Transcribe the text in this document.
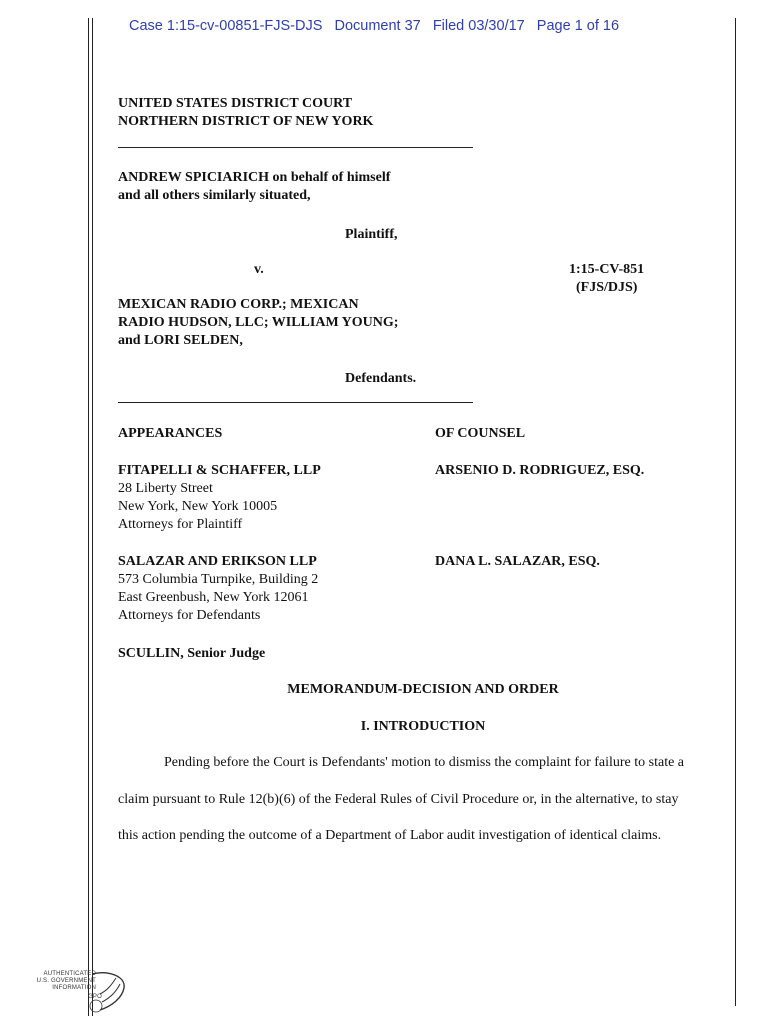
Case 1:15-cv-00851-FJS-DJS   Document 37   Filed 03/30/17   Page 1 of 16
UNITED STATES DISTRICT COURT
NORTHERN DISTRICT OF NEW YORK
ANDREW SPICIARICH on behalf of himself
and all others similarly situated,
Plaintiff,
v.	1:15-CV-851
(FJS/DJS)
MEXICAN RADIO CORP.; MEXICAN
RADIO HUDSON, LLC; WILLIAM YOUNG;
and LORI SELDEN,
Defendants.
APPEARANCES	OF COUNSEL
FITAPELLI & SCHAFFER, LLP
28 Liberty Street
New York, New York 10005
Attorneys for Plaintiff
ARSENIO D. RODRIGUEZ, ESQ.
SALAZAR AND ERIKSON LLP
573 Columbia Turnpike, Building 2
East Greenbush, New York 12061
Attorneys for Defendants
DANA L. SALAZAR, ESQ.
SCULLIN, Senior Judge
MEMORANDUM-DECISION AND ORDER
I. INTRODUCTION
Pending before the Court is Defendants' motion to dismiss the complaint for failure to state a
claim pursuant to Rule 12(b)(6) of the Federal Rules of Civil Procedure or, in the alternative, to stay
this action pending the outcome of a Department of Labor audit investigation of identical claims.
AUTHENTICATED
U.S. GOVERNMENT
INFORMATION
GPO
